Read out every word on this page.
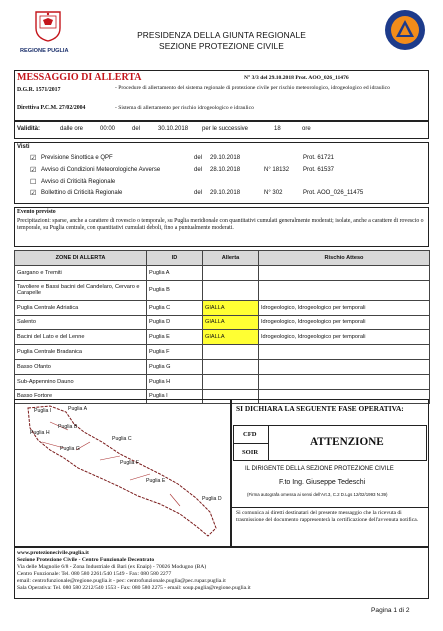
REGIONE PUGLIA
PRESIDENZA DELLA GIUNTA REGIONALE
SEZIONE PROTEZIONE CIVILE
MESSAGGIO DI ALLERTA	N° 3/3 del 29.10.2018 Prot. AOO_026_11476
D.G.R. 1571/2017	- Procedure di allertamento del sistema regionale di protezione civile per rischio meteorologico, idrogeologico ed idraulico
Direttiva P.C.M. 27/02/2004	- Sistema di allertamento per rischio idrogeologico e idraulico
Validità:	dalle ore	00:00	del	30.10.2018 per le successive	18	ore
Visti
☑ Previsione Sinottica e QPF	del 29.10.2018	Prot. 61721
☑ Avviso di Condizioni Meteorologiche Avverse	del 28.10.2018	N° 18132 Prot. 61537
☐ Avviso di Criticità Regionale
☑ Bollettino di Criticità Regionale	del 29.10.2018	N° 302	Prot. AOO_026_11475
Evento previsto
Precipitazioni: sparse, anche a carattere di rovescio o temporale, su Puglia meridionale con quantitativi cumulati generalmente moderati; isolate, anche a carattere di rovescio o temporale, su Puglia centrale, con quantitativi cumulati deboli, fino a puntualmente moderati.
ZONE DI ALLERTA	ID	Allerta	Rischio Atteso
Gargano e Tremiti	Puglia A		
Tavoliere e Bassi bacini del Candelaro, Cervaro e Carapelle	Puglia B		
Puglia Centrale Adriatica	Puglia C	GIALLA	Idrogeologico, Idrogeologico per temporali
Salento	Puglia D	GIALLA	Idrogeologico, Idrogeologico per temporali
Bacini del Lato e del Lenne	Puglia E	GIALLA	Idrogeologico, Idrogeologico per temporali
Puglia Centrale Bradanica	Puglia F		
Basso Ofanto	Puglia G		
Sub-Appennino Dauno	Puglia H		
Basso Fortore	Puglia I		
Puglia I	Puglia A
Puglia H
Puglia B
Puglia C
Puglia G
Puglia F
Puglia E
Puglia D
SI DICHIARA LA SEGUENTE FASE OPERATIVA:
CFD
SOIR
ATTENZIONE
IL DIRIGENTE DELLA SEZIONE PROTEZIONE CIVILE
F.to Ing. Giuseppe Tedeschi
(Firma autografa omessa ai sensi dell'Art.3, C.2 D.Lgs 12/02/1993 N.39)
Si comunica ai diretti destinatari del presente messaggio che la ricevuta di trasmissione del documento rappresenterà la certificazione dell'avvenuta notifica.
www.protezionecivile.puglia.it
Sezione Protezione Civile - Centro Funzionale Decentrato
Via delle Magnolie 6/8 - Zona Industriale di Bari (ex Enaip) - 70026 Modugno (BA)
Centro Funzionale: Tel. 080 580 2261/540 1549 - Fax: 080 580 2277
email: centrofunzionale@regione.puglia.it - pec: centrofunzionale.puglia@pec.rupar.puglia.it
Sala Operativa: Tel. 080 580 2212/540 1553 - Fax: 080 580 2275 - email: soup.puglia@regione.puglia.it
Pagina 1 di 2
